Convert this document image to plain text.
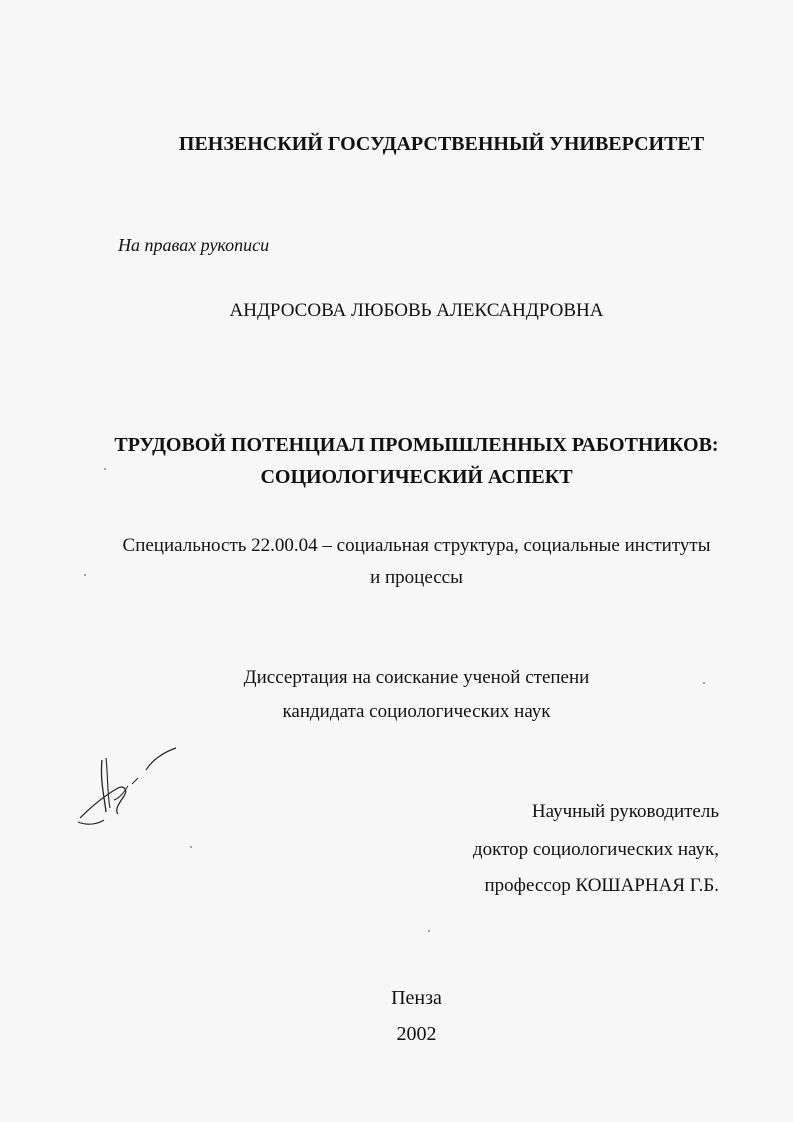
ПЕНЗЕНСКИЙ ГОСУДАРСТВЕННЫЙ УНИВЕРСИТЕТ
На правах рукописи
АНДРОСОВА ЛЮБОВЬ АЛЕКСАНДРОВНА
ТРУДОВОЙ ПОТЕНЦИАЛ ПРОМЫШЛЕННЫХ РАБОТНИКОВ:
СОЦИОЛОГИЧЕСКИЙ АСПЕКТ
Специальность 22.00.04 – социальная структура, социальные институты
и процессы
Диссертация на соискание ученой степени
кандидата социологических наук
Научный руководитель
доктор социологических наук,
профессор КОШАРНАЯ Г.Б.
Пенза
2002
